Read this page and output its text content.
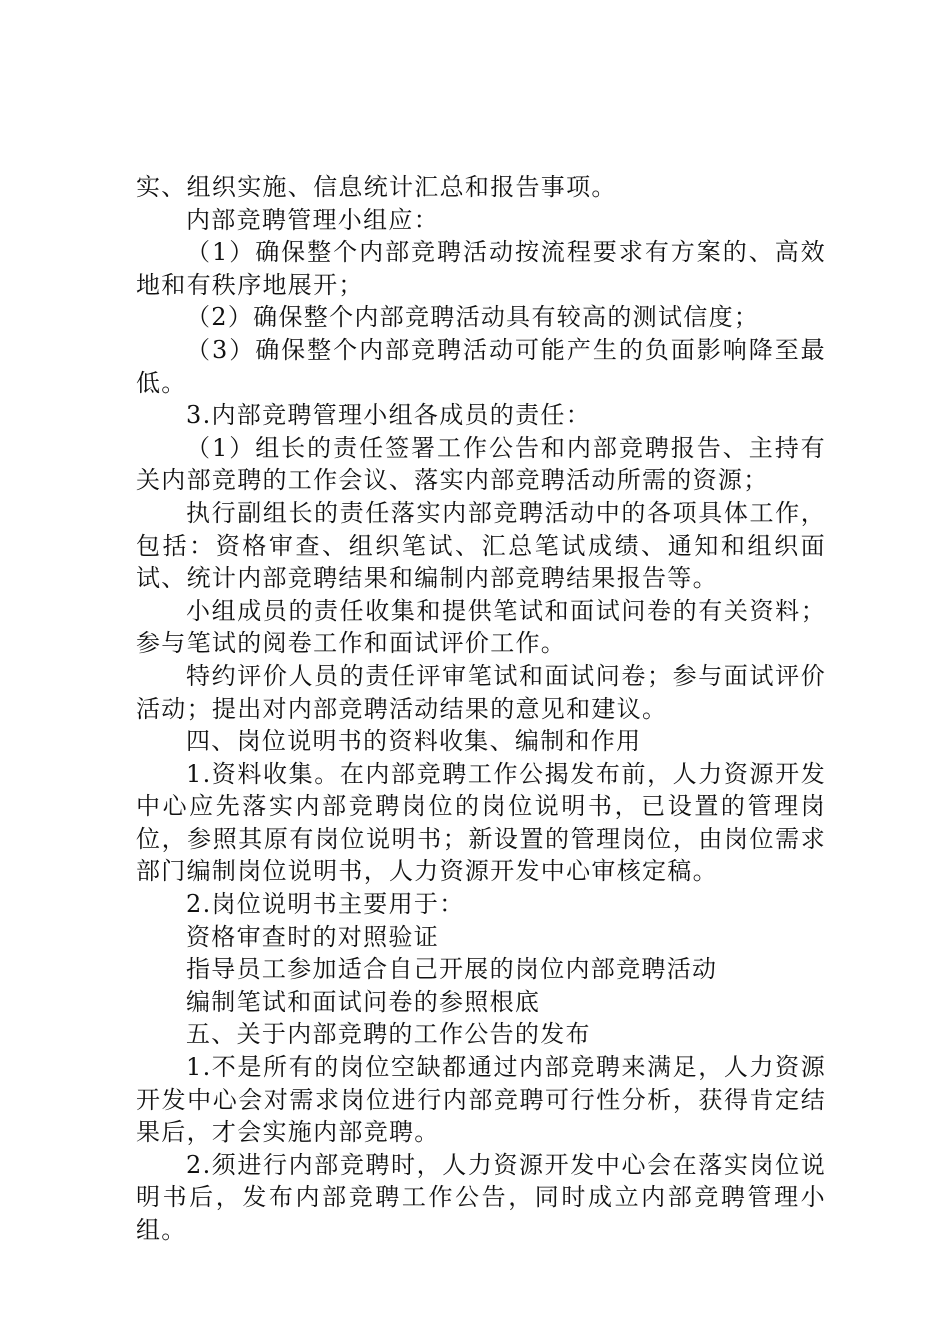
实、组织实施、信息统计汇总和报告事项。

内部竞聘管理小组应：

（1）确保整个内部竞聘活动按流程要求有方案的、高效地和有秩序地展开；

（2）确保整个内部竞聘活动具有较高的测试信度；

（3）确保整个内部竞聘活动可能产生的负面影响降至最低。

3.内部竞聘管理小组各成员的责任：

（1）组长的责任签署工作公告和内部竞聘报告、主持有关内部竞聘的工作会议、落实内部竞聘活动所需的资源；

执行副组长的责任落实内部竞聘活动中的各项具体工作，包括：资格审查、组织笔试、汇总笔试成绩、通知和组织面试、统计内部竞聘结果和编制内部竞聘结果报告等。

小组成员的责任收集和提供笔试和面试问卷的有关资料；参与笔试的阅卷工作和面试评价工作。

特约评价人员的责任评审笔试和面试问卷；参与面试评价活动；提出对内部竞聘活动结果的意见和建议。

四、岗位说明书的资料收集、编制和作用

1.资料收集。在内部竞聘工作公揭发布前，人力资源开发中心应先落实内部竞聘岗位的岗位说明书，已设置的管理岗位，参照其原有岗位说明书；新设置的管理岗位，由岗位需求部门编制岗位说明书，人力资源开发中心审核定稿。

2.岗位说明书主要用于：

资格审查时的对照验证

指导员工参加适合自己开展的岗位内部竞聘活动

编制笔试和面试问卷的参照根底

五、关于内部竞聘的工作公告的发布

1.不是所有的岗位空缺都通过内部竞聘来满足，人力资源开发中心会对需求岗位进行内部竞聘可行性分析，获得肯定结果后，才会实施内部竞聘。

2.须进行内部竞聘时，人力资源开发中心会在落实岗位说明书后，发布内部竞聘工作公告，同时成立内部竞聘管理小组。
